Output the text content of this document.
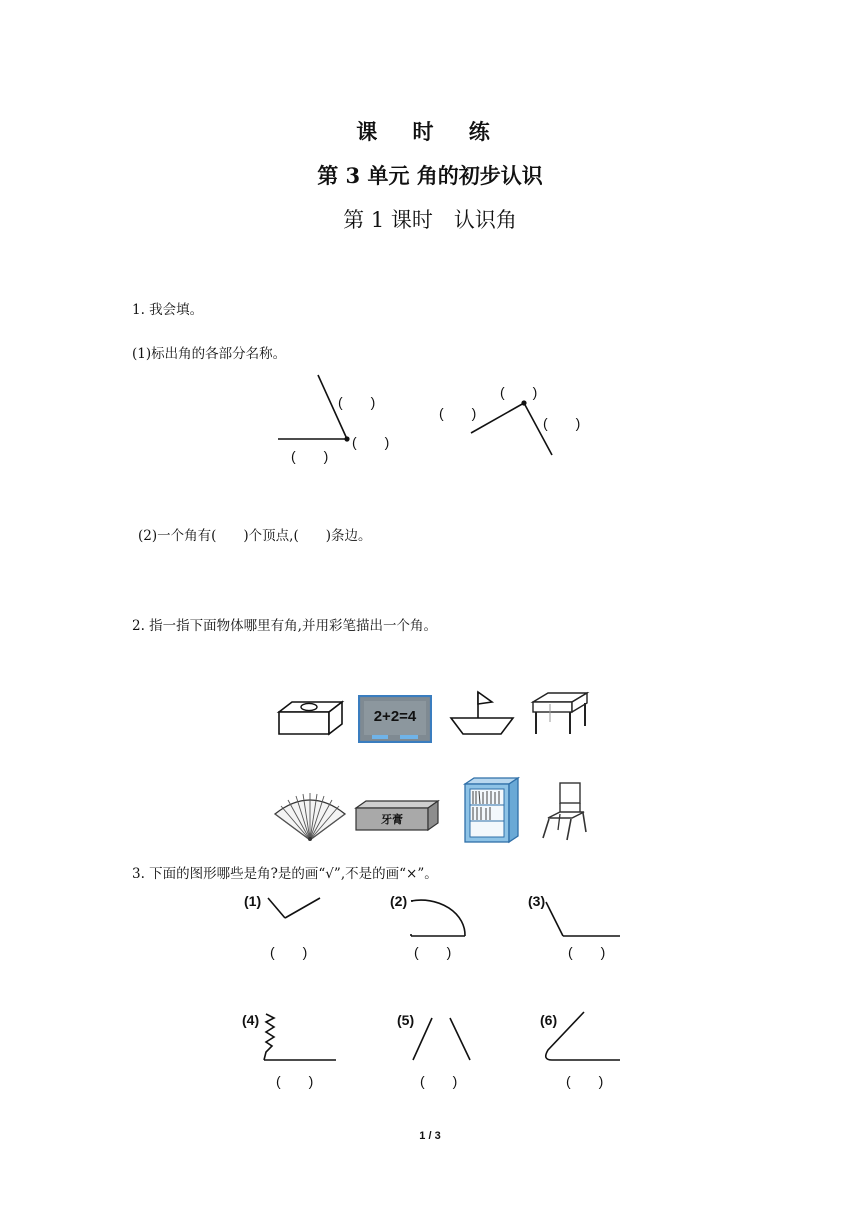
课 时 练
第 3 单元 角的初步认识
第 1 课时　认识角
1. 我会填。
(1)标出角的各部分名称。
(　　)
(　　)
(　　)
(　　)
(　　)
(　　)
(2)一个角有(　　)个顶点,(　　)条边。
2. 指一指下面物体哪里有角,并用彩笔描出一个角。
2+2=4
牙膏
3. 下面的图形哪些是角?是的画“√”,不是的画“×”。
(1)	(2)	(3)
(4)	(5)	(6)
(　　)	(　　)	(　　)
(　　)	(　　)	(　　)
1 / 3
